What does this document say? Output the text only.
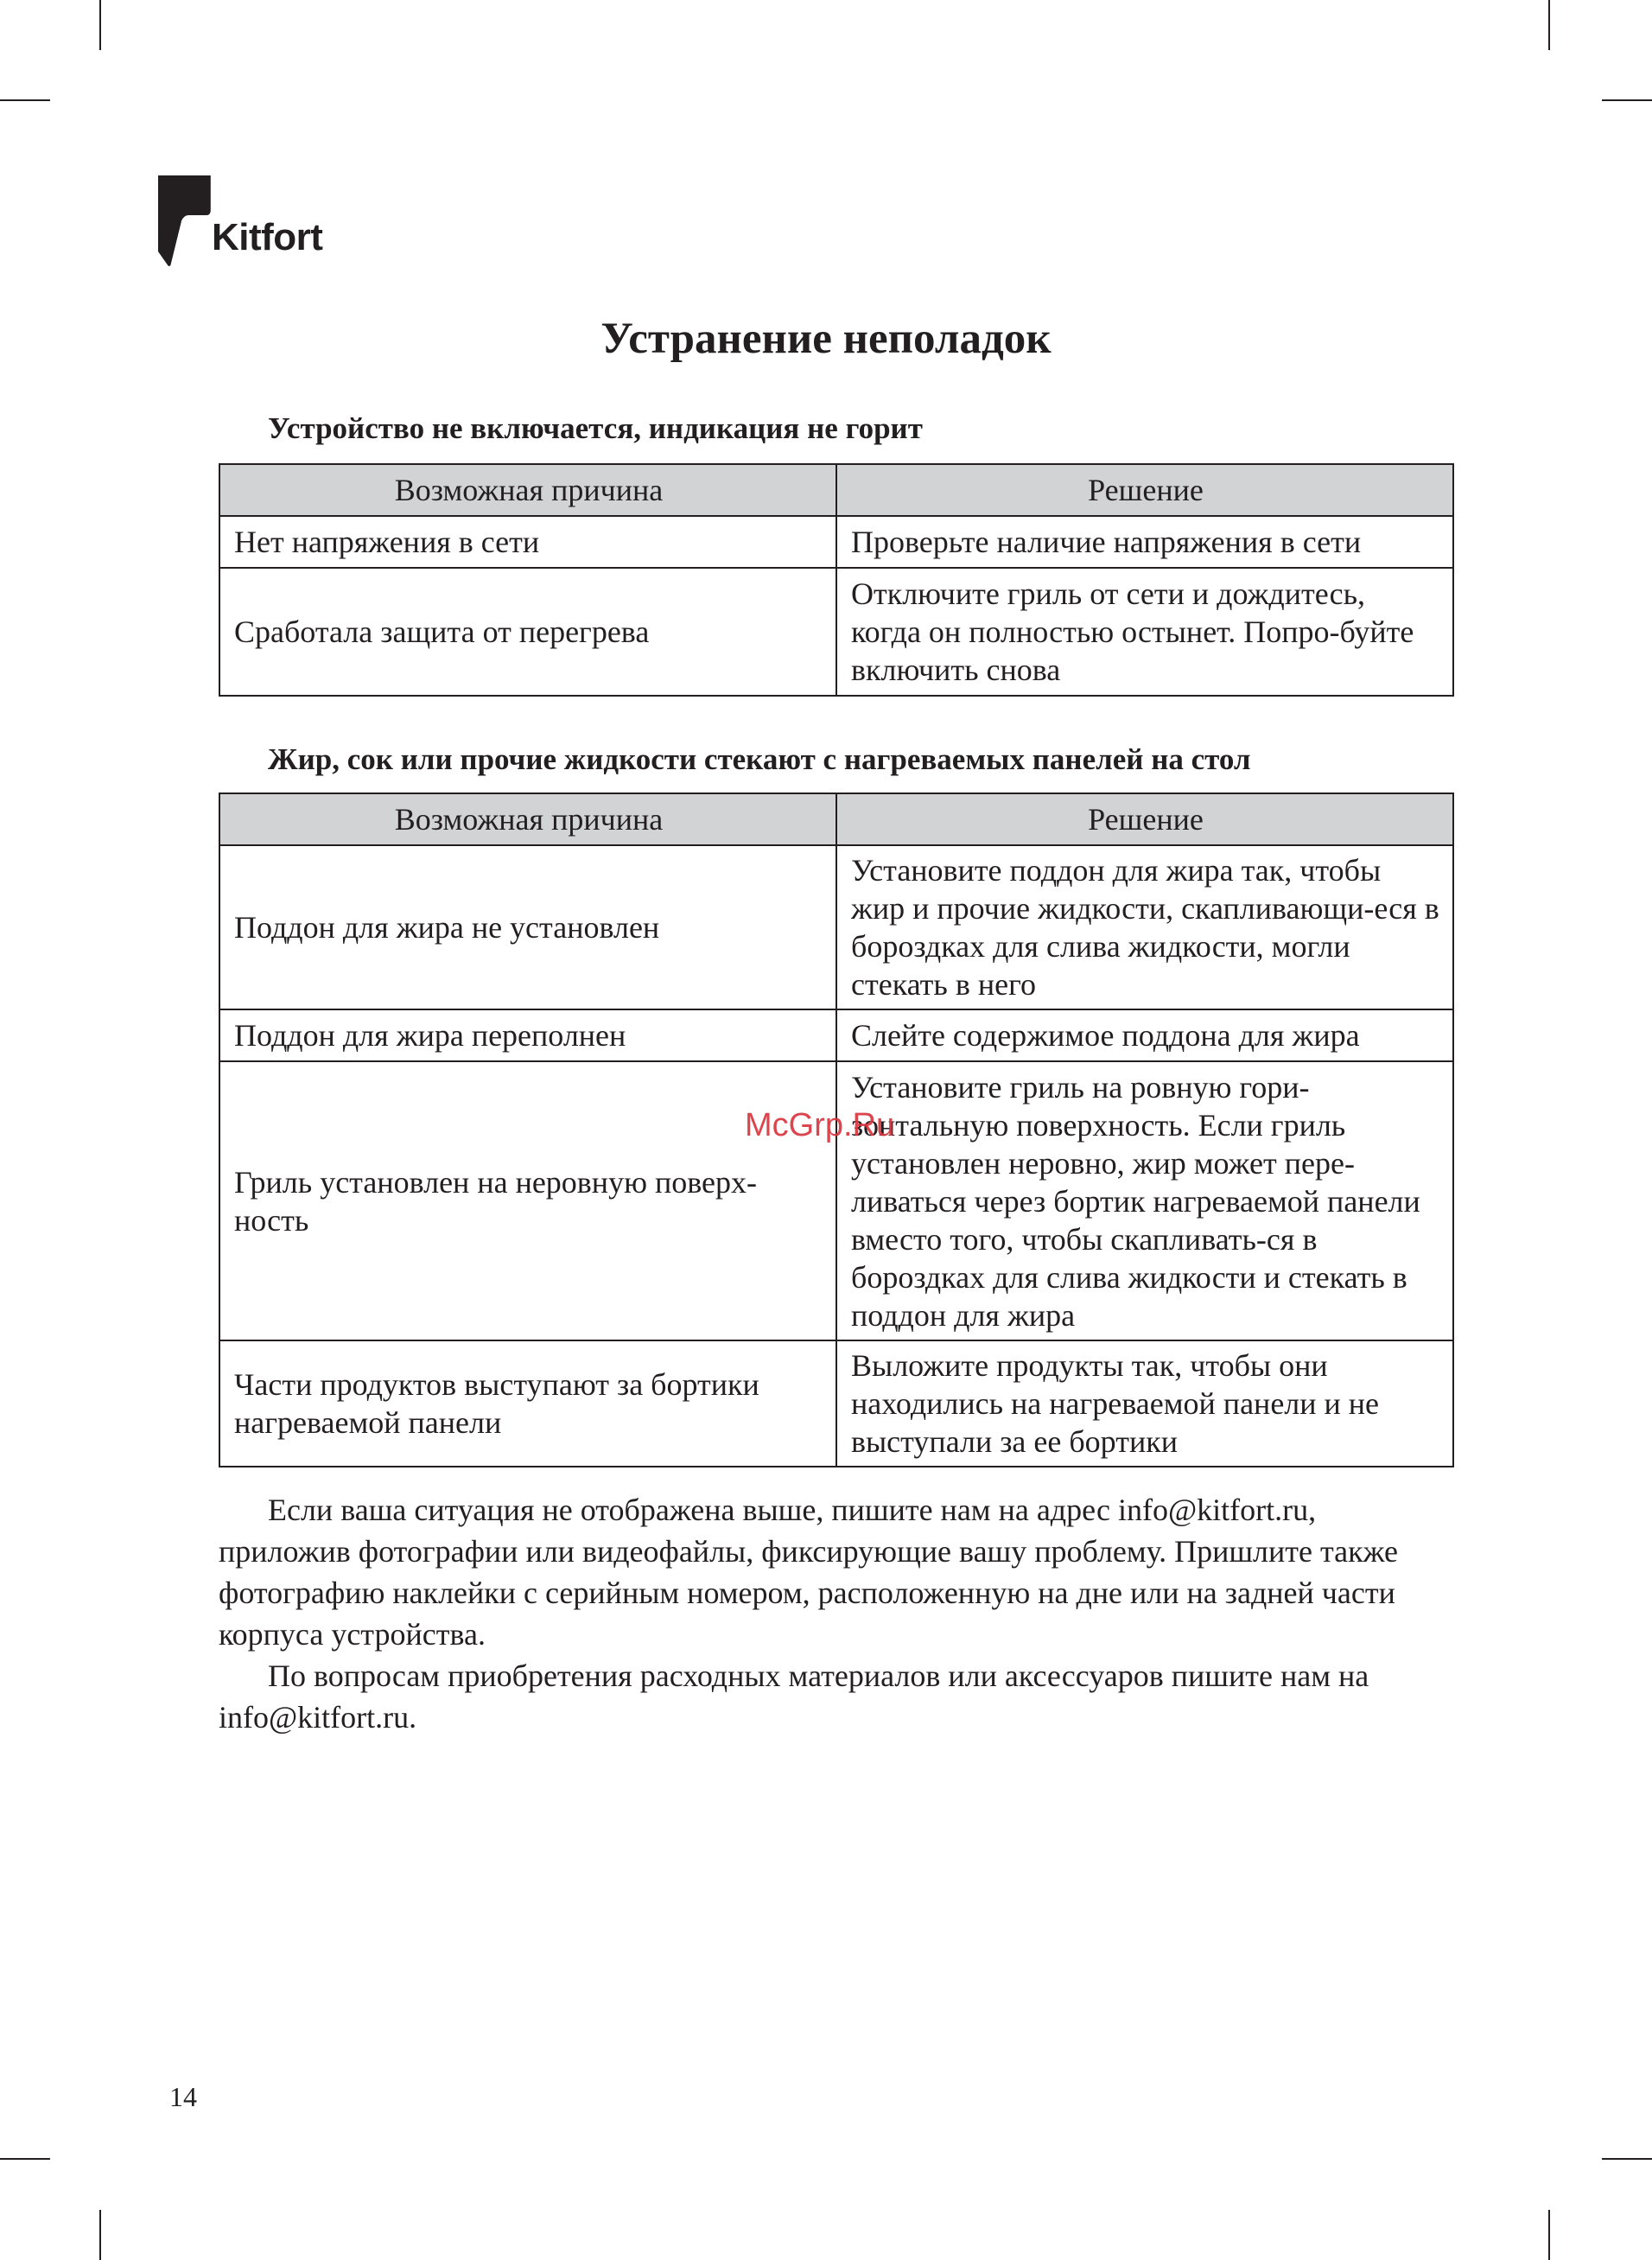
Kitfort
Устранение неполадок
Устройство не включается, индикация не горит
Возможная причина	Решение
Нет напряжения в сети	Проверьте наличие напряжения в сети
Сработала защита от перегрева	Отключите гриль от сети и дождитесь, когда он полностью остынет. Попро-буйте включить снова
Жир, сок или прочие жидкости стекают с нагреваемых панелей на стол
Возможная причина	Решение
Поддон для жира не установлен	Установите поддон для жира так, чтобы жир и прочие жидкости, скапливающи-еся в бороздках для слива жидкости, могли стекать в него
Поддон для жира переполнен	Слейте содержимое поддона для жира
Гриль установлен на неровную поверх-ность	Установите гриль на ровную гори-зонтальную поверхность. Если гриль установлен неровно, жир может пере-ливаться через бортик нагреваемой панели вместо того, чтобы скапливать-ся в бороздках для слива жидкости и стекать в поддон для жира
Части продуктов выступают за бортики нагреваемой панели	Выложите продукты так, чтобы они находились на нагреваемой панели и не выступали за ее бортики

Если ваша ситуация не отображена выше, пишите нам на адрес info@kitfort.ru, приложив фотографии или видеофайлы, фиксирующие вашу проблему. Пришлите также фотографию наклейки с серийным номером, расположенную на дне или на задней части корпуса устройства.

По вопросам приобретения расходных материалов или аксессуаров пишите нам на info@kitfort.ru.

McGrp.Ru
14
